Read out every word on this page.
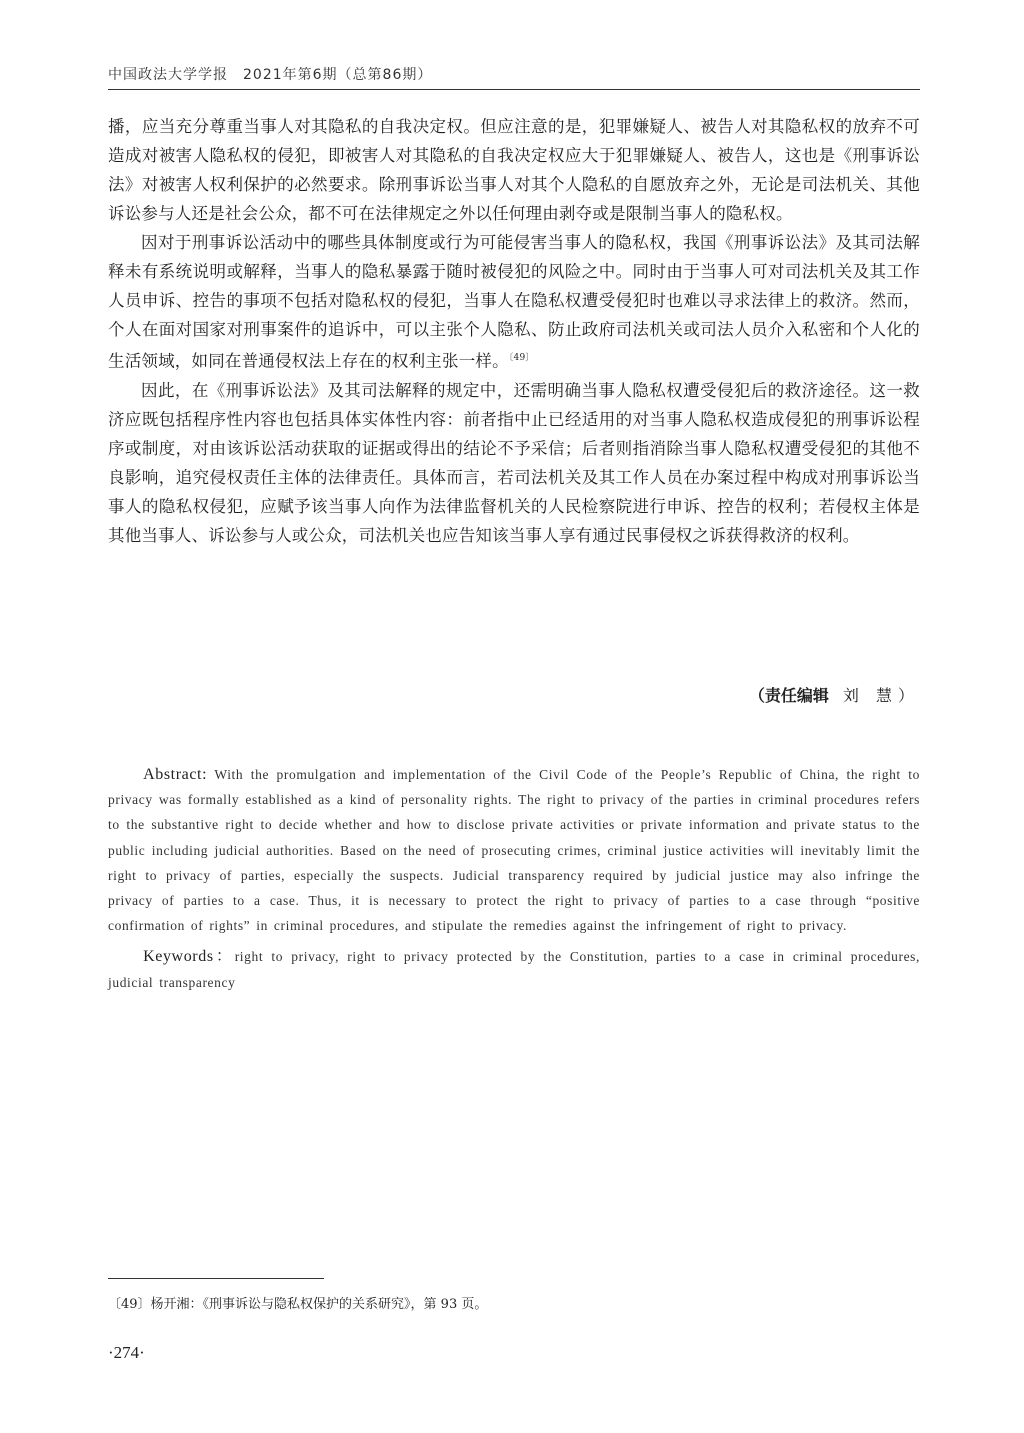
中国政法大学学报　2021年第6期（总第86期）

播，应当充分尊重当事人对其隐私的自我决定权。但应注意的是，犯罪嫌疑人、被告人对其隐私权的放弃不可造成对被害人隐私权的侵犯，即被害人对其隐私的自我决定权应大于犯罪嫌疑人、被告人，这也是《刑事诉讼法》对被害人权利保护的必然要求。除刑事诉讼当事人对其个人隐私的自愿放弃之外，无论是司法机关、其他诉讼参与人还是社会公众，都不可在法律规定之外以任何理由剥夺或是限制当事人的隐私权。

因对于刑事诉讼活动中的哪些具体制度或行为可能侵害当事人的隐私权，我国《刑事诉讼法》及其司法解释未有系统说明或解释，当事人的隐私暴露于随时被侵犯的风险之中。同时由于当事人可对司法机关及其工作人员申诉、控告的事项不包括对隐私权的侵犯，当事人在隐私权遭受侵犯时也难以寻求法律上的救济。然而，个人在面对国家对刑事案件的追诉中，可以主张个人隐私、防止政府司法机关或司法人员介入私密和个人化的生活领域，如同在普通侵权法上存在的权利主张一样。$^{〔49〕}$

因此，在《刑事诉讼法》及其司法解释的规定中，还需明确当事人隐私权遭受侵犯后的救济途径。这一救济应既包括程序性内容也包括具体实体性内容：前者指中止已经适用的对当事人隐私权造成侵犯的刑事诉讼程序或制度，对由该诉讼活动获取的证据或得出的结论不予采信；后者则指消除当事人隐私权遭受侵犯的其他不良影响，追究侵权责任主体的法律责任。具体而言，若司法机关及其工作人员在办案过程中构成对刑事诉讼当事人的隐私权侵犯，应赋予该当事人向作为法律监督机关的人民检察院进行申诉、控告的权利；若侵权主体是其他当事人、诉讼参与人或公众，司法机关也应告知该当事人享有通过民事侵权之诉获得救济的权利。

（责任编辑 刘 慧）

Abstract: With the promulgation and implementation of the Civil Code of the People’s Republic of China, the right to privacy was formally established as a kind of personality rights. The right to privacy of the parties in criminal procedures refers to the substantive right to decide whether and how to disclose private activities or private information and private status to the public including judicial authorities. Based on the need of prosecuting crimes, criminal justice activities will inevitably limit the right to privacy of parties, especially the suspects. Judicial transparency required by judicial justice may also infringe the privacy of parties to a case. Thus, it is necessary to protect the right to privacy of parties to a case through “positive confirmation of rights” in criminal procedures, and stipulate the remedies against the infringement of right to privacy.

Keywords：right to privacy, right to privacy protected by the Constitution, parties to a case in criminal procedures, judicial transparency

〔49〕杨开湘：《刑事诉讼与隐私权保护的关系研究》，第 93 页。
·274·
